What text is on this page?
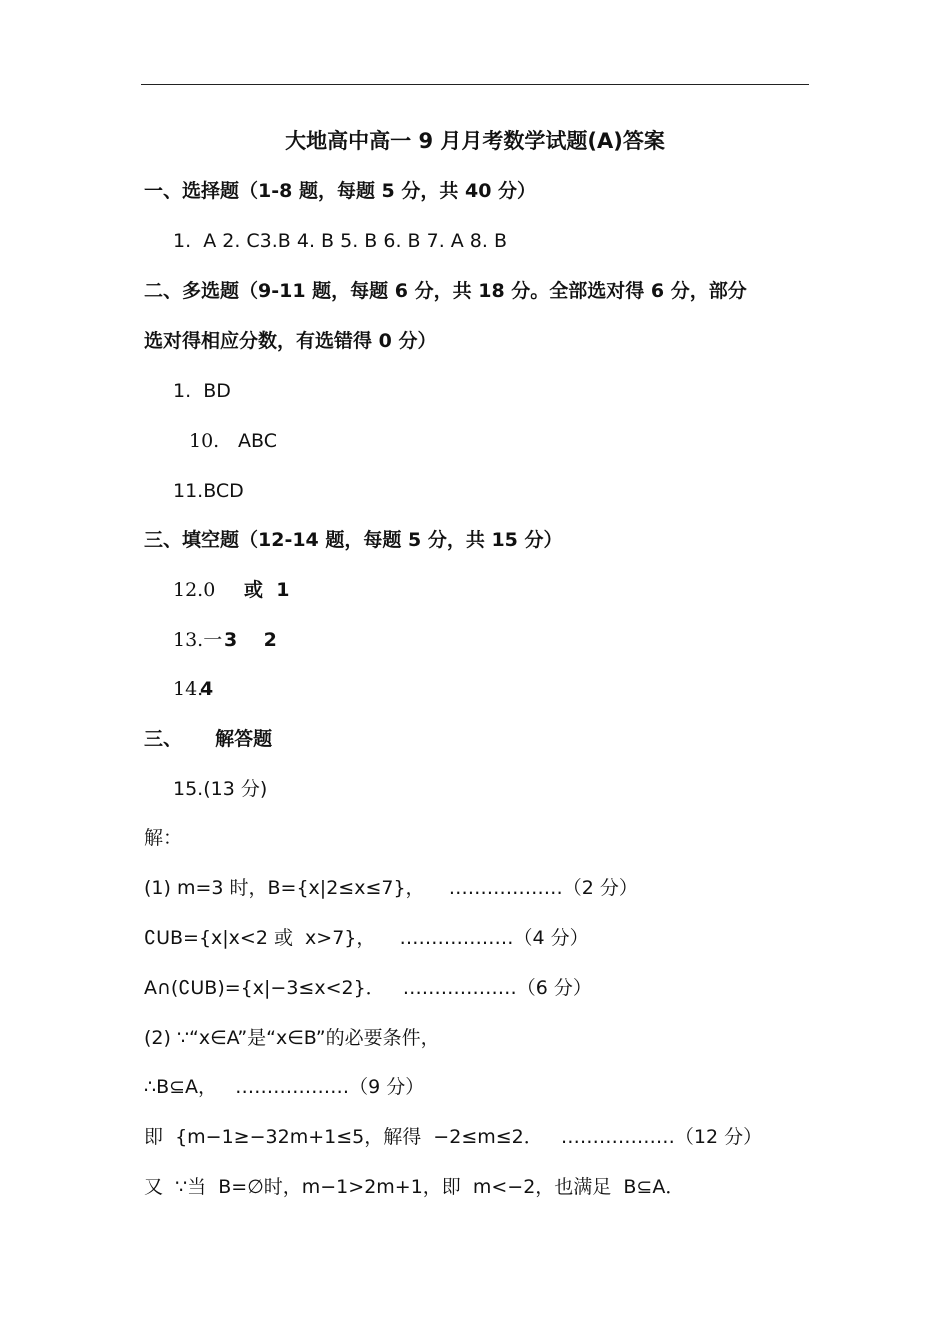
大地高中高一 9 月月考数学试题(A)答案
一、选择题（1-8 题，每题 5 分，共 40 分）
1.  A 2. C3.B 4. B 5. B 6. B 7. A 8. B
二、多选题（9-11 题，每题 6 分，共 18 分。全部选对得 6 分，部分
选对得相应分数，有选错得 0 分）
1.  BD
10. ABC
11.BCD
三、填空题（12-14 题，每题 5 分，共 15 分）
12.0 或  1
13.一 3    2
14.
4
三、     解答题
15.(13 分)
解：
(1) m=3 时，B={x|2≤x≤7}，    ………………（2 分）
∁UB={x|x<2 或  x>7}，    ………………（4 分）
A∩(∁UB)={x|−3≤x<2}．   ………………（6 分）
(2) ∵“x∈A”是“x∈B”的必要条件，
∴B⊆A，   ………………（9 分）
即  {m−1≥−32m+1≤5，解得  −2≤m≤2．   ………………（12 分）
又  ∵当  B=∅时，m−1>2m+1，即  m<−2，也满足  B⊆A．
